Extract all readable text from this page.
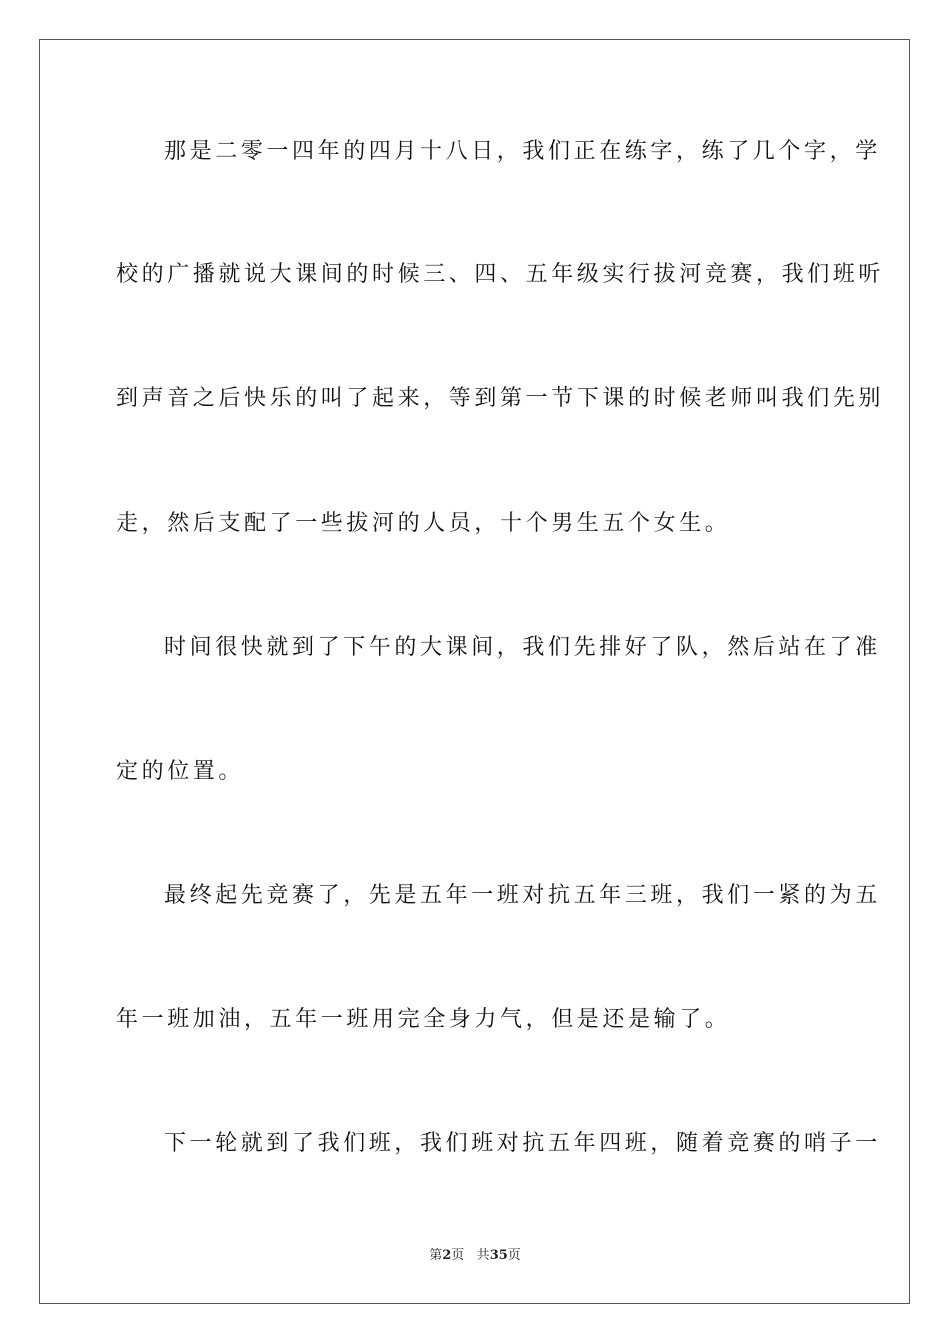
那是二零一四年的四月十八日，我们正在练字，练了几个字，学
校的广播就说大课间的时候三、四、五年级实行拔河竞赛，我们班听
到声音之后快乐的叫了起来，等到第一节下课的时候老师叫我们先别
走，然后支配了一些拔河的人员，十个男生五个女生。
时间很快就到了下午的大课间，我们先排好了队，然后站在了准
定的位置。
最终起先竞赛了，先是五年一班对抗五年三班，我们一紧的为五
年一班加油，五年一班用完全身力气，但是还是输了。
下一轮就到了我们班，我们班对抗五年四班，随着竞赛的哨子一
第2页 共35页
